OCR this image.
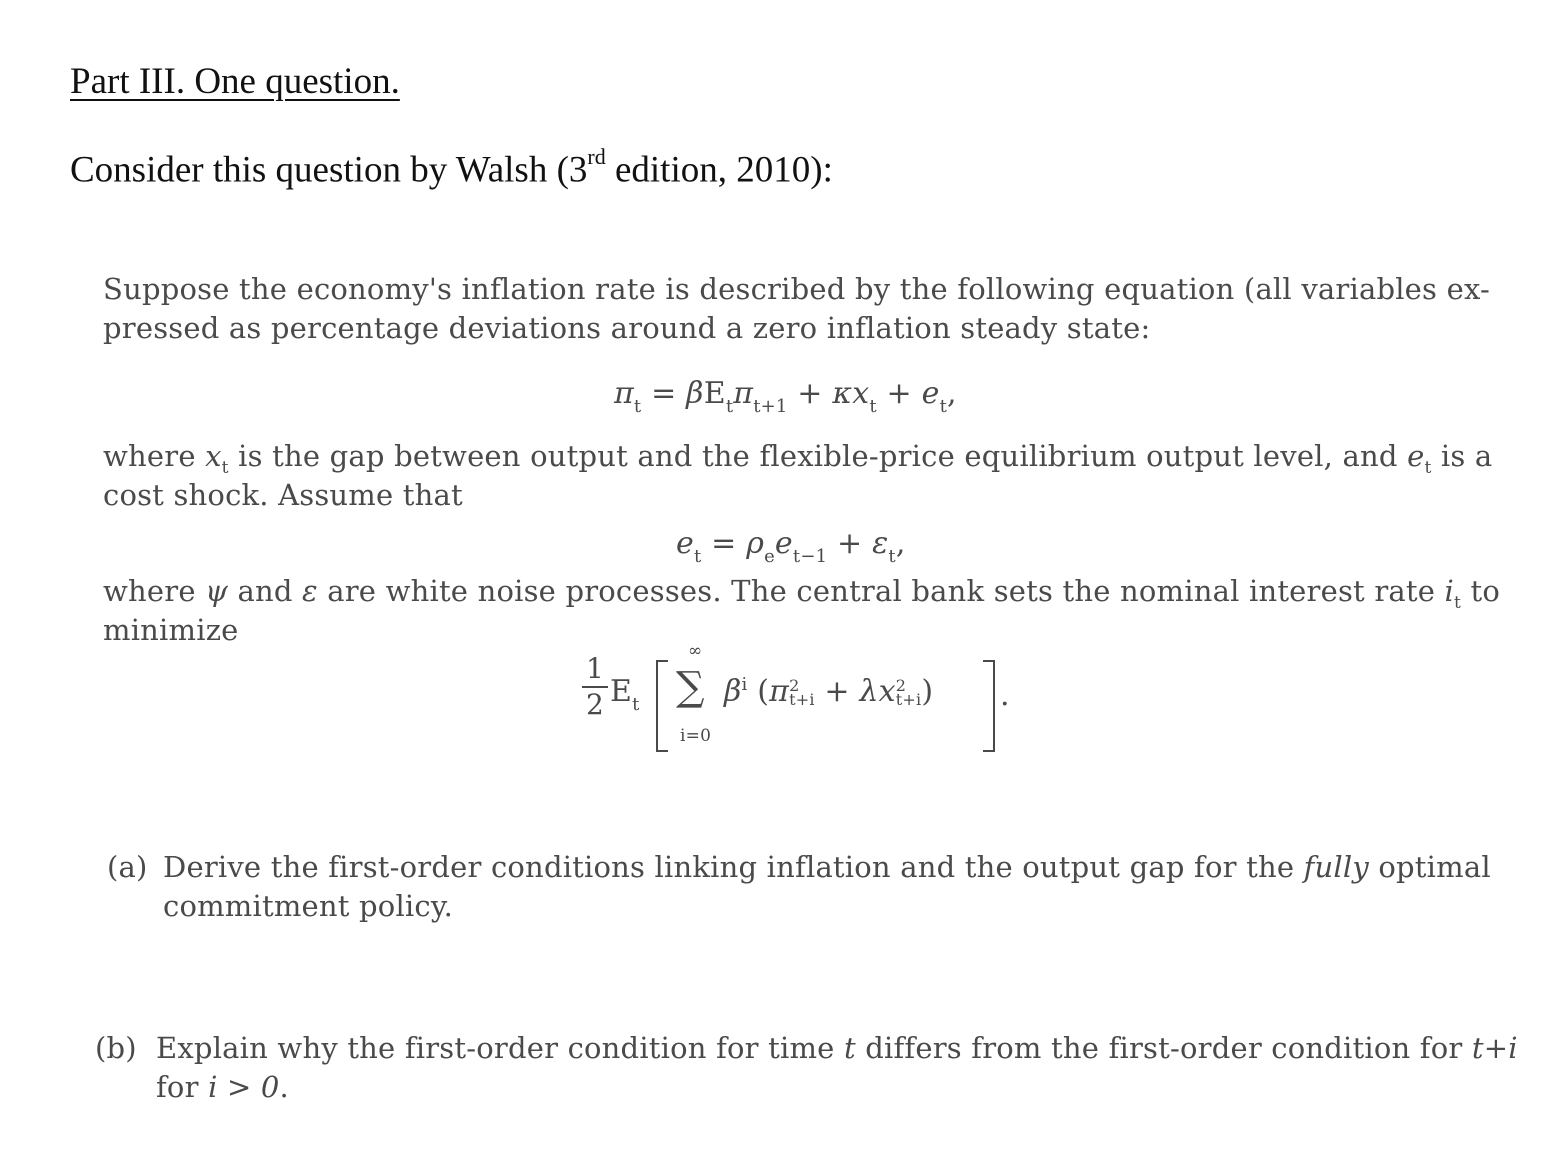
Part III. One question.
Consider this question by Walsh (3rd edition, 2010):
Suppose the economy's inflation rate is described by the following equation (all variables ex-
pressed as percentage deviations around a zero inflation steady state:
$\pi_t = \beta E_t\pi_{t+1} + \kappa x_t + e_t$,
where $x_t$ is the gap between output and the flexible-price equilibrium output level, and $e_t$ is a
cost shock. Assume that
$e_t = \rho_ee_{t-1} + \varepsilon_t$,
where ψ and ε are white noise processes. The central bank sets the nominal interest rate $i_t$ to
minimize
1
2 $E_t$
∞
∑
i=0
$\beta^i$ (π 2
t+i + λx 2
t+i ) .
(a) Derive the first-order conditions linking inflation and the output gap for the fully optimal
commitment policy.
(b) Explain why the first-order condition for time t differs from the first-order condition for t+i
for i > 0.
